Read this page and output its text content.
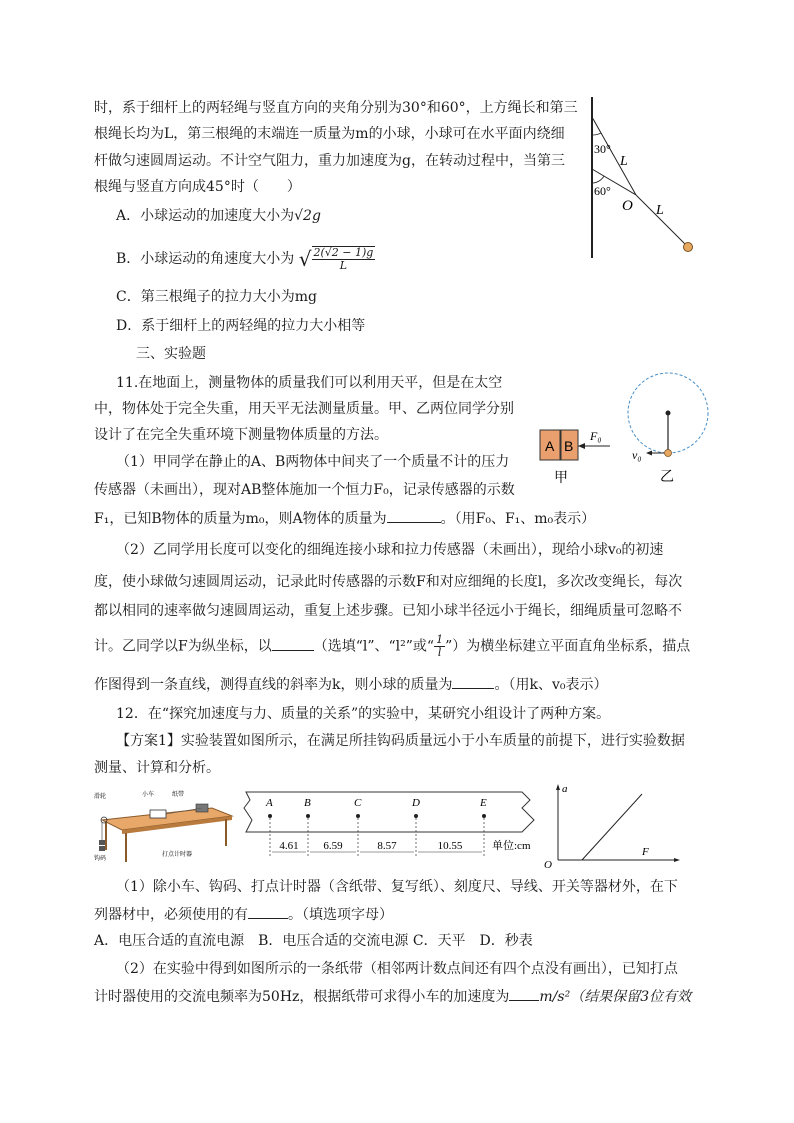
时，系于细杆上的两轻绳与竖直方向的夹角分别为30°和60°，上方绳长和第三
根绳长均为L，第三根绳的末端连一质量为m的小球，小球可在水平面内绕细
杆做匀速圆周运动。不计空气阻力，重力加速度为g，在转动过程中，当第三
根绳与竖直方向成45°时（　　）
A．小球运动的加速度大小为√2g
B．小球运动的角速度大小为 √ $\frac{2(√2 - 1)g}{L}$
C．第三根绳子的拉力大小为mg
D．系于细杆上的两轻绳的拉力大小相等
30°
60°
L
O L
三、实验题
11.在地面上，测量物体的质量我们可以利用天平，但是在太空
中，物体处于完全失重，用天平无法测量质量。甲、乙两位同学分别
设计了在完全失重环境下测量物体质量的方法。
（1）甲同学在静止的A、B两物体中间夹了一个质量不计的压力
传感器（未画出），现对AB整体施加一个恒力F₀，记录传感器的示数
F₁，已知B物体的质量为m₀，则A物体的质量为	。（用F₀、F₁、m₀表示）
（2）乙同学用长度可以变化的细绳连接小球和拉力传感器（未画出），现给小球v₀的初速
度，使小球做匀速圆周运动，记录此时传感器的示数F和对应细绳的长度l，多次改变绳长，每次
都以相同的速率做匀速圆周运动，重复上述步骤。已知小球半径远小于绳长，细绳质量可忽略不
计。乙同学以F为纵坐标，以	（选填“l”、“l²”或“ $\frac{1}{l}$ ”）为横坐标建立平面直角坐标系，描点
作图得到一条直线，测得直线的斜率为k，则小球的质量为	。（用k、v₀表示）
A B
F₀
甲
v₀
乙
12．在“探究加速度与力、质量的关系”的实验中，某研究小组设计了两种方案。
【方案1】实验装置如图所示，在满足所挂钩码质量远小于小车质量的前提下，进行实验数据
测量、计算和分析。
滑轮	小车	纸带
钩码
打点计时器
A	B	C	D	E
4.61 6.59	8.57	10.55	单位:cm
a
F
O
（1）除小车、钩码、打点计时器（含纸带、复写纸）、刻度尺、导线、开关等器材外，在下
列器材中，必须使用的有	。（填选项字母）
A．电压合适的直流电源　B．电压合适的交流电源 C．天平　D．秒表
（2）在实验中得到如图所示的一条纸带（相邻两计数点间还有四个点没有画出），已知打点
计时器使用的交流电频率为50Hz，根据纸带可求得小车的加速度为 m/s²（结果保留3位有效
